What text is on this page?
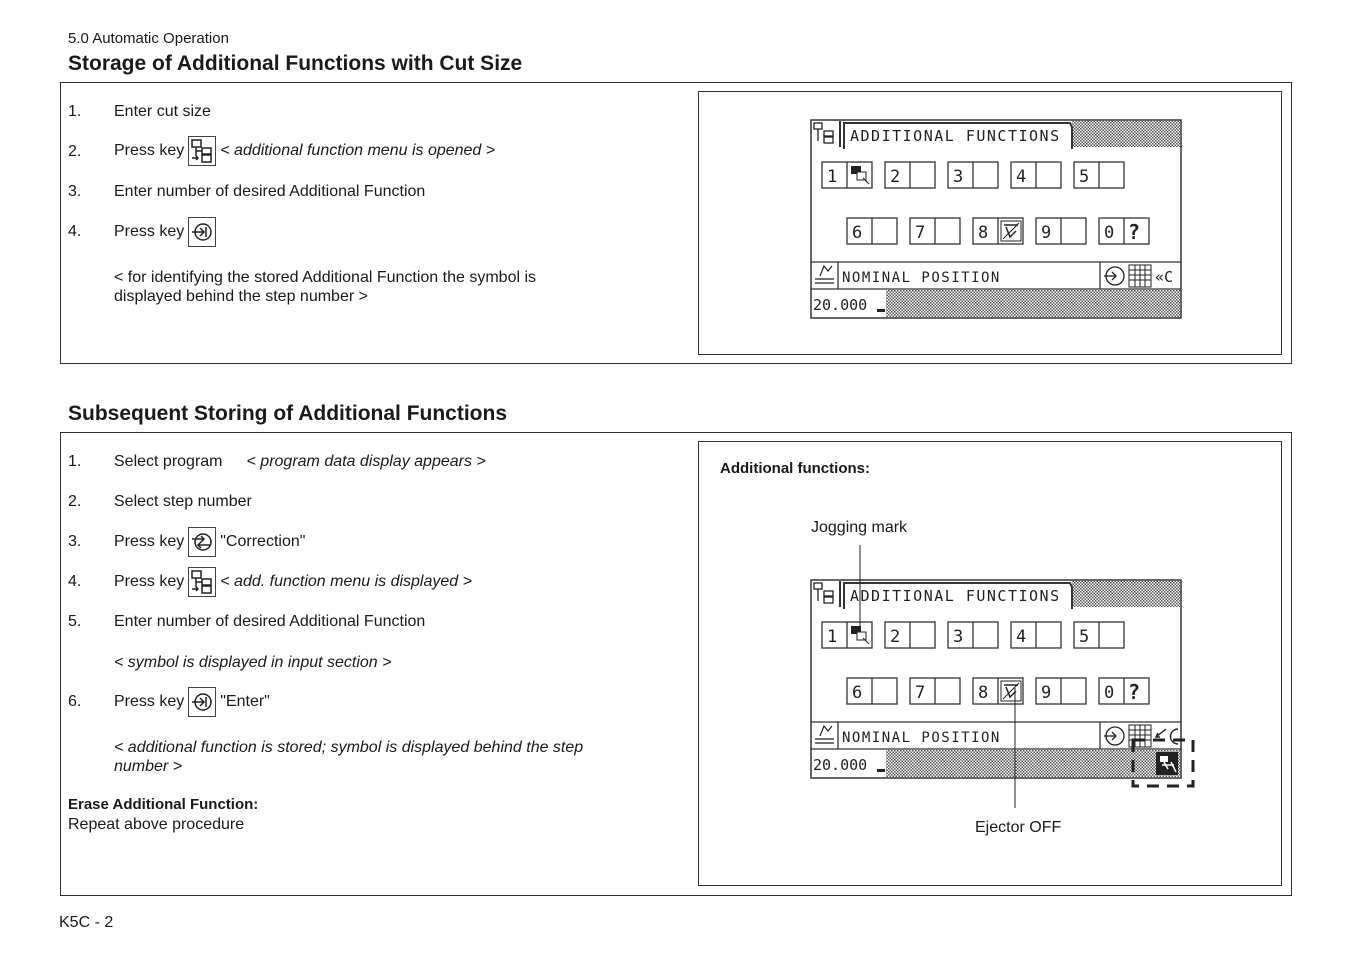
5.0 Automatic Operation
Storage of Additional Functions with Cut Size
1. Enter cut size
2. Press key < additional function menu is opened >
3. Enter number of desired Additional Function
4. Press key
< for identifying the stored Additional Function the symbol is
displayed behind the step number >
ADDITIONAL FUNCTIONS
1	2	3	4	5
6	7	8	9	0 ?
NOMINAL POSITION	«C
20.000
Subsequent Storing of Additional Functions
1. Select program < program data display appears >
2. Select step number
3. Press key "Correction"
4. Press key < add. function menu is displayed >
5. Enter number of desired Additional Function
< symbol is displayed in input section >
6. Press key "Enter"
< additional function is stored; symbol is displayed behind the step
number >
Erase Additional Function:
Repeat above procedure
Additional functions:
Jogging mark
Ejector OFF
ADDITIONAL FUNCTIONS
1	2	3	4	5
6	7	8	9	0 ?
NOMINAL POSITION
20.000
K5C - 2
